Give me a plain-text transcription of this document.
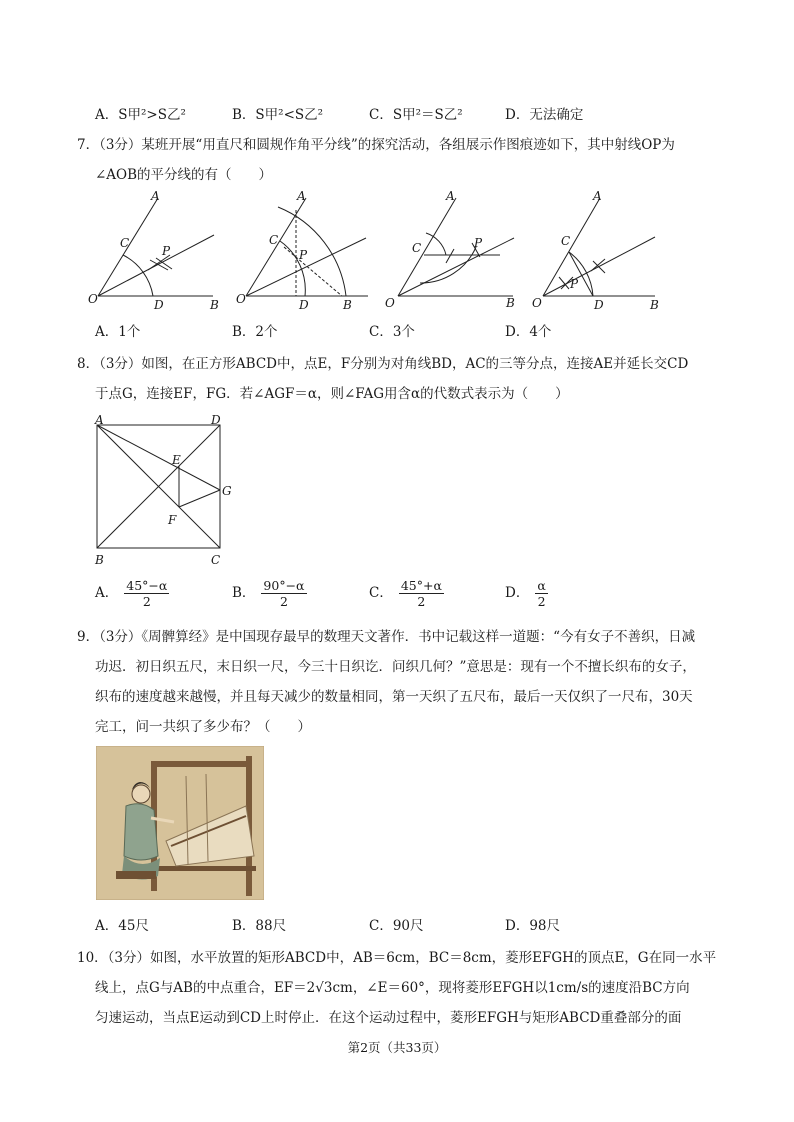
A．S甲²>S乙²	B．S甲²<S乙²	C．S甲²＝S乙²	D．无法确定
7．（3分）某班开展“用直尺和圆规作角平分线”的探究活动，各组展示作图痕迹如下，其中射线OP为
∠AOB的平分线的有（　　）
A
C
P
O	D	B
A
C
P
O	D	B
A
C	P
O	B
A
C
P
O	D	B
A．1个	B．2个	C．3个	D．4个
8．（3分）如图，在正方形ABCD中，点E，F分别为对角线BD，AC的三等分点，连接AE并延长交CD
于点G，连接EF，FG．若∠AGF＝α，则∠FAG用含α的代数式表示为（　　）
A	D
B	C
E
F
G
A． $\frac{45^\circ-\alpha}{2}$	B． $\frac{90^\circ-\alpha}{2}$	C． $\frac{45^\circ+\alpha}{2}$	D． $\frac{\alpha}{2}$
9．（3分）《周髀算经》是中国现存最早的数理天文著作．书中记载这样一道题：“今有女子不善织，日减
功迟．初日织五尺，末日织一尺，今三十日织讫．问织几何？”意思是：现有一个不擅长织布的女子，
织布的速度越来越慢，并且每天减少的数量相同，第一天织了五尺布，最后一天仅织了一尺布，30天
完工，问一共织了多少布？（　　）
A．45尺	B．88尺	C．90尺	D．98尺
10．（3分）如图，水平放置的矩形ABCD中，AB＝6cm，BC＝8cm，菱形EFGH的顶点E，G在同一水平
线上，点G与AB的中点重合，EF＝2√3cm，∠E＝60°，现将菱形EFGH以1cm/s的速度沿BC方向
匀速运动，当点E运动到CD上时停止．在这个运动过程中，菱形EFGH与矩形ABCD重叠部分的面
第2页（共33页）
